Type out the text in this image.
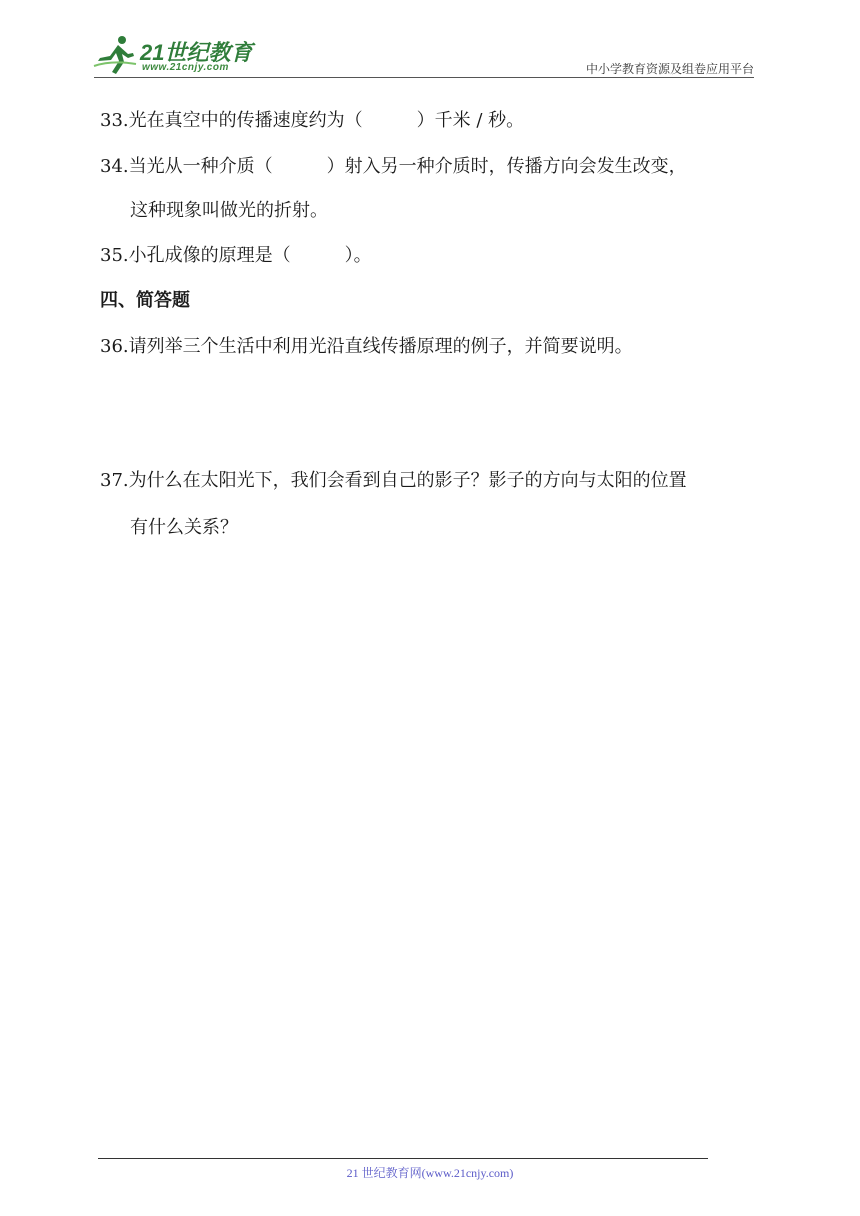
21世纪教育
www.21cnjy.com	中小学教育资源及组卷应用平台
33.光在真空中的传播速度约为（　　　	）千米 / 秒。
34.当光从一种介质（　　　	）射入另一种介质时，传播方向会发生改变，
这种现象叫做光的折射。
35.小孔成像的原理是（　　　	）。
四、简答题
36.请列举三个生活中利用光沿直线传播原理的例子，并简要说明。
37.为什么在太阳光下，我们会看到自己的影子？影子的方向与太阳的位置
有什么关系？
21 世纪教育网(www.21cnjy.com)
